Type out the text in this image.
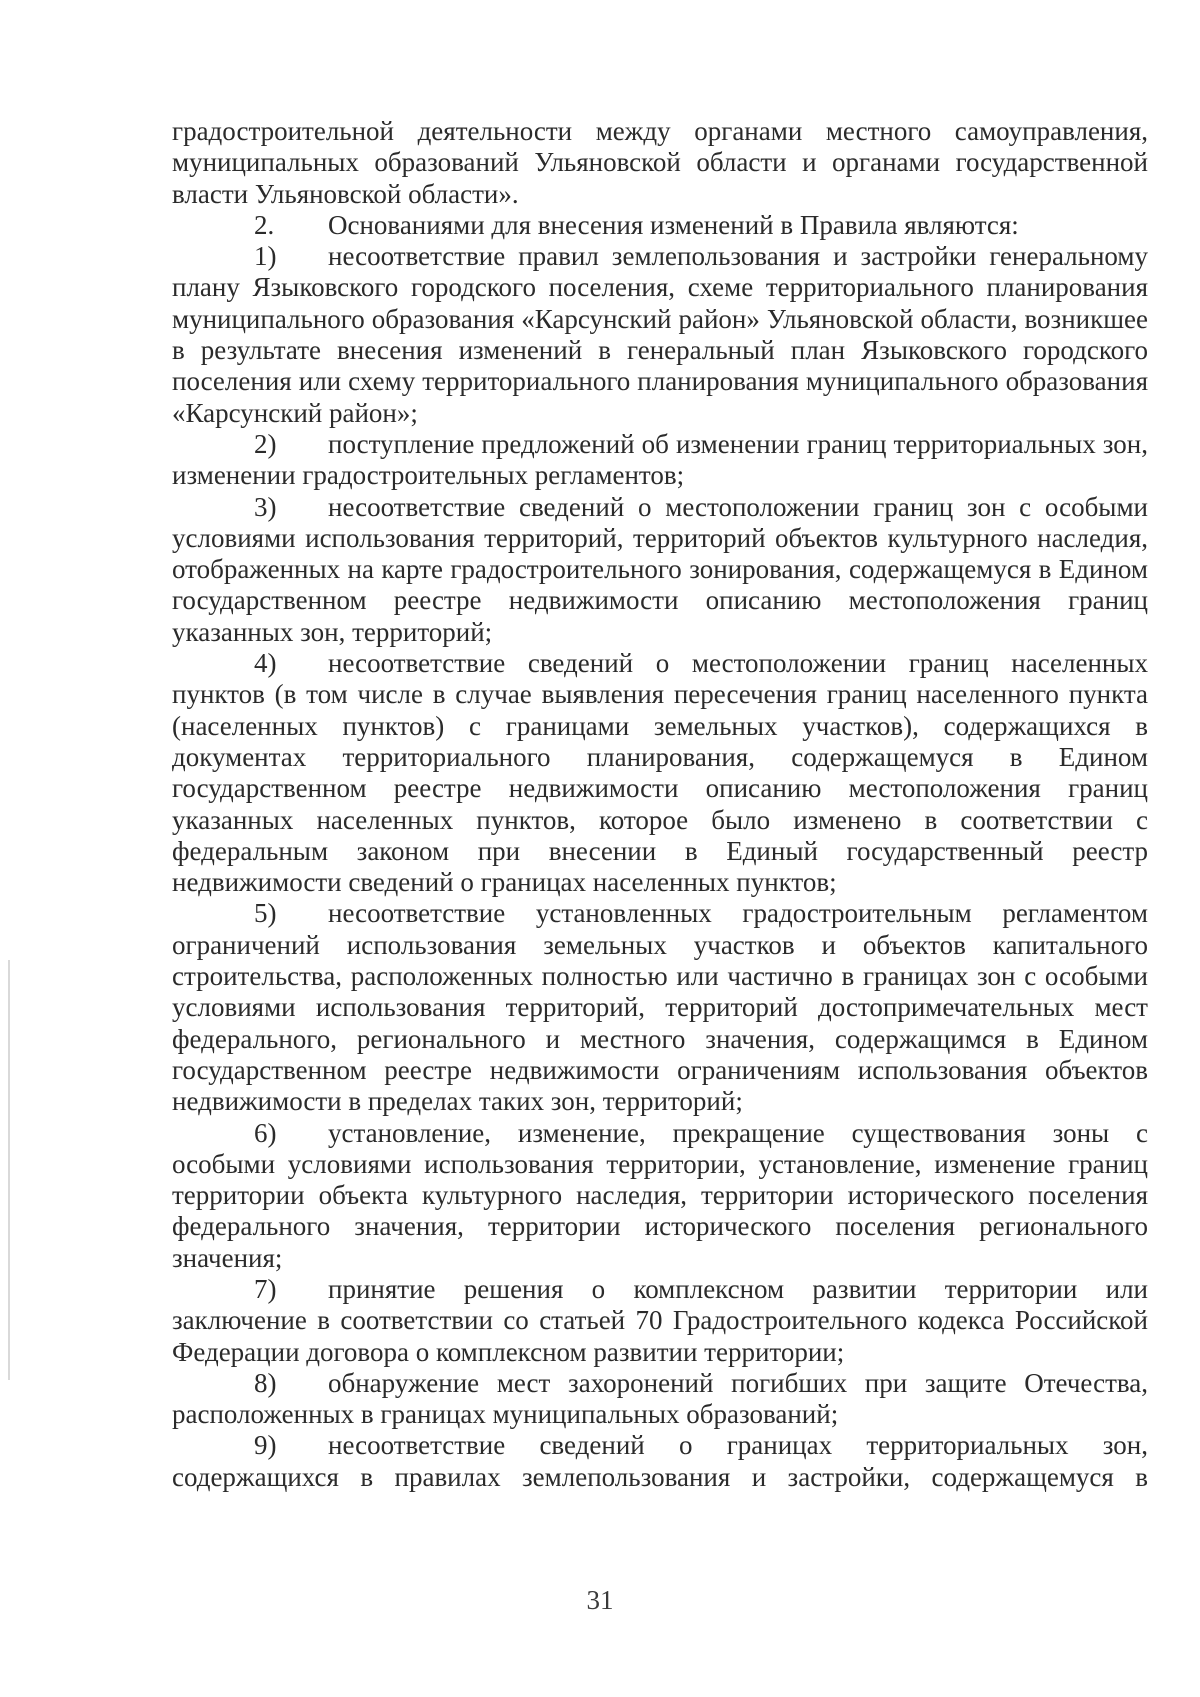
градостроительной деятельности между органами местного самоуправления, муниципальных образований Ульяновской области и органами государственной власти Ульяновской области».

2. Основаниями для внесения изменений в Правила являются:

1) несоответствие правил землепользования и застройки генеральному плану Языковского городского поселения, схеме территориального планирования муниципального образования «Карсунский район» Ульяновской области, возникшее в результате внесения изменений в генеральный план Языковского городского поселения или схему территориального планирования муниципального образования «Карсунский район»;

2) поступление предложений об изменении границ территориальных зон, изменении градостроительных регламентов;

3) несоответствие сведений о местоположении границ зон с особыми условиями использования территорий, территорий объектов культурного наследия, отображенных на карте градостроительного зонирования, содержащемуся в Едином государственном реестре недвижимости описанию местоположения границ указанных зон, территорий;

4) несоответствие сведений о местоположении границ населенных пунктов (в том числе в случае выявления пересечения границ населенного пункта (населенных пунктов) с границами земельных участков), содержащихся в документах территориального планирования, содержащемуся в Едином государственном реестре недвижимости описанию местоположения границ указанных населенных пунктов, которое было изменено в соответствии с федеральным законом при внесении в Единый государственный реестр недвижимости сведений о границах населенных пунктов;

5) несоответствие установленных градостроительным регламентом ограничений использования земельных участков и объектов капитального строительства, расположенных полностью или частично в границах зон с особыми условиями использования территорий, территорий достопримечательных мест федерального, регионального и местного значения, содержащимся в Едином государственном реестре недвижимости ограничениям использования объектов недвижимости в пределах таких зон, территорий;

6) установление, изменение, прекращение существования зоны с особыми условиями использования территории, установление, изменение границ территории объекта культурного наследия, территории исторического поселения федерального значения, территории исторического поселения регионального значения;

7) принятие решения о комплексном развитии территории или заключение в соответствии со статьей 70 Градостроительного кодекса Российской Федерации договора о комплексном развитии территории;

8) обнаружение мест захоронений погибших при защите Отечества, расположенных в границах муниципальных образований;

9) несоответствие сведений о границах территориальных зон, содержащихся в правилах землепользования и застройки, содержащемуся в

31
